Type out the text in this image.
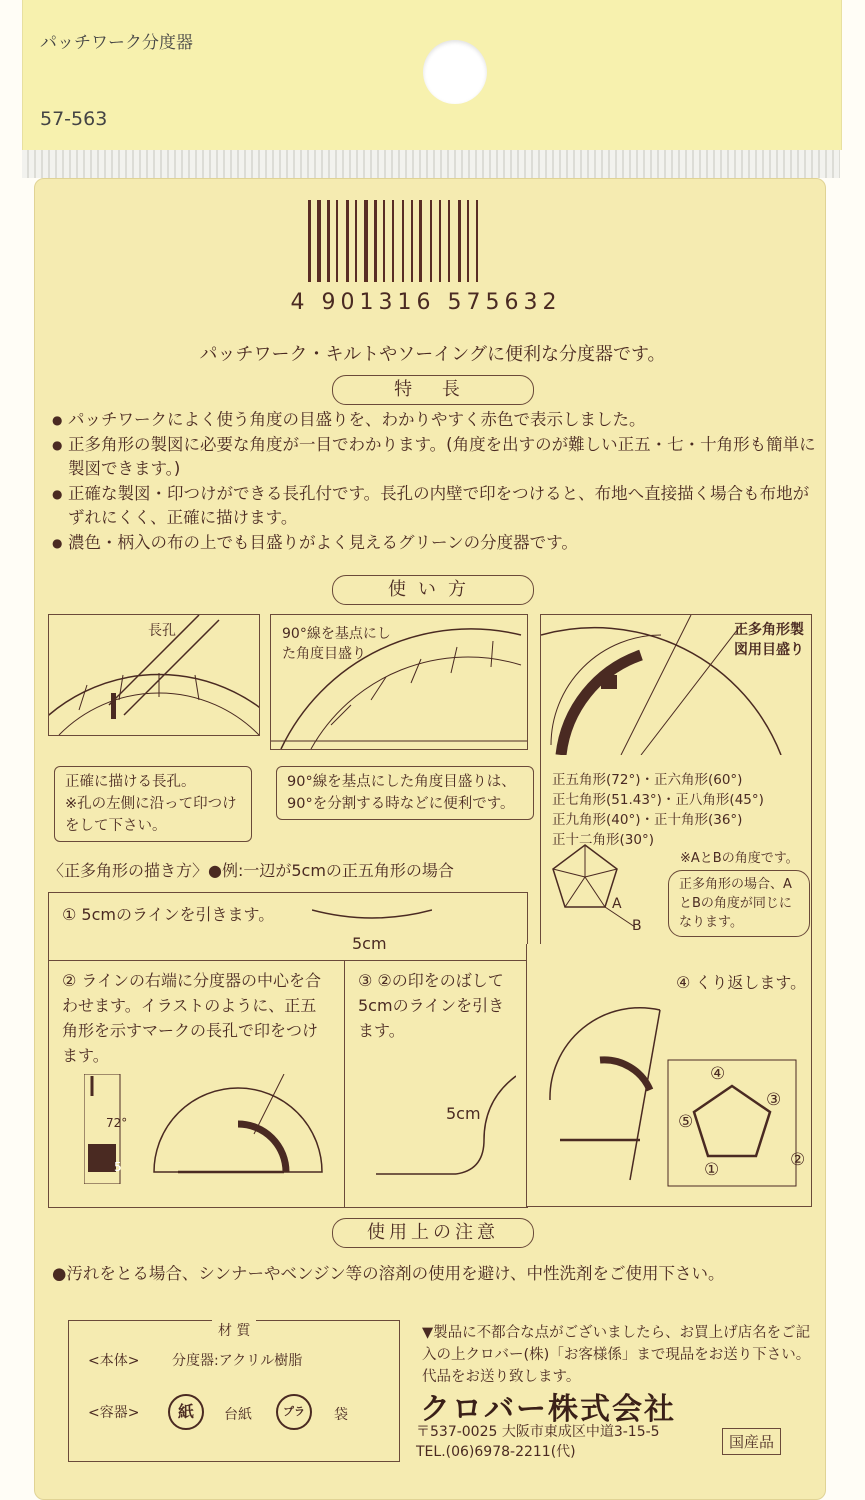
パッチワーク分度器
57-563
4 901316 575632
パッチワーク・キルトやソーイングに便利な分度器です。
特 長
● パッチワークによく使う角度の目盛りを、わかりやすく赤色で表示しました。
● 正多角形の製図に必要な角度が一目でわかります。(角度を出すのが難しい正五・七・十角形も簡単に製図できます。)
● 正確な製図・印つけができる長孔付です。長孔の内壁で印をつけると、布地へ直接描く場合も布地がずれにくく、正確に描けます。
● 濃色・柄入の布の上でも目盛りがよく見えるグリーンの分度器です。
使い方
長孔
正確に描ける長孔。
※孔の左側に沿って印つけをして下さい。
90°線を基点にした角度目盛り
90°線を基点にした角度目盛りは、90°を分割する時などに便利です。
正多角形製図用目盛り
正五角形(72°)・正六角形(60°)
正七角形(51.43°)・正八角形(45°)
正九角形(40°)・正十角形(36°)
正十二角形(30°)
※AとBの角度です。
正多角形の場合、AとBの角度が同じになります。
A
B
〈正多角形の描き方〉●例:一辺が5cmの正五角形の場合
① 5cmのラインを引きます。
5cm
② ラインの右端に分度器の中心を合わせます。イラストのように、正五角形を示すマークの長孔で印をつけます。
72°
5
③ ②の印をのばして5cmのラインを引きます。
5cm
④ くり返します。
④
③
②
①
⑤
使用上の注意
●汚れをとる場合、シンナーやベンジン等の溶剤の使用を避け、中性洗剤をご使用下さい。
材 質
<本体> 分度器:アクリル樹脂
<容器>	紙	台紙	プラ	袋
▼製品に不都合な点がございましたら、お買上げ店名をご記入の上クロバー(株)「お客様係」まで現品をお送り下さい。代品をお送り致します。
クロバー株式会社
〒537-0025 大阪市東成区中道3-15-5
TEL.(06)6978-2211(代)
国産品
